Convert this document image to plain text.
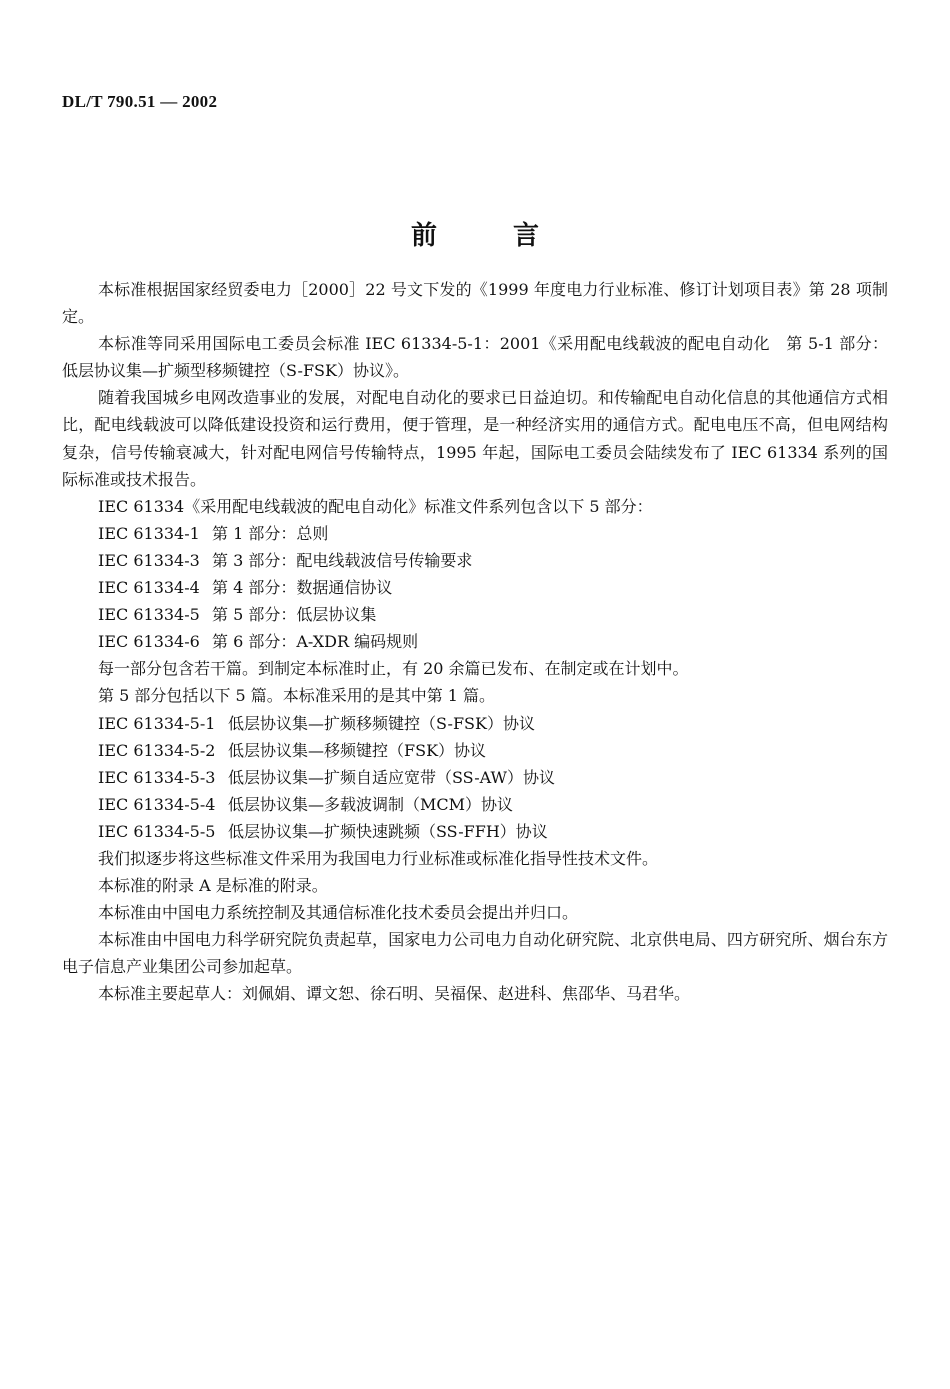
DL/T 790.51 — 2002
前	言

本标准根据国家经贸委电力［2000］22 号文下发的《1999 年度电力行业标准、修订计划项目表》第 28 项制定。

本标准等同采用国际电工委员会标准 IEC 61334-5-1：2001《采用配电线载波的配电自动化　第 5-1 部分：低层协议集—扩频型移频键控（S-FSK）协议》。

随着我国城乡电网改造事业的发展，对配电自动化的要求已日益迫切。和传输配电自动化信息的其他通信方式相比，配电线载波可以降低建设投资和运行费用，便于管理，是一种经济实用的通信方式。配电电压不高，但电网结构复杂，信号传输衰减大，针对配电网信号传输特点，1995 年起，国际电工委员会陆续发布了 IEC 61334 系列的国际标准或技术报告。

IEC 61334《采用配电线载波的配电自动化》标准文件系列包含以下 5 部分：

IEC 61334-1 第 1 部分：总则

IEC 61334-3 第 3 部分：配电线载波信号传输要求

IEC 61334-4 第 4 部分：数据通信协议

IEC 61334-5 第 5 部分：低层协议集

IEC 61334-6 第 6 部分：A-XDR 编码规则

每一部分包含若干篇。到制定本标准时止，有 20 余篇已发布、在制定或在计划中。

第 5 部分包括以下 5 篇。本标准采用的是其中第 1 篇。

IEC 61334-5-1 低层协议集—扩频移频键控（S-FSK）协议

IEC 61334-5-2 低层协议集—移频键控（FSK）协议

IEC 61334-5-3 低层协议集—扩频自适应宽带（SS-AW）协议

IEC 61334-5-4 低层协议集—多载波调制（MCM）协议

IEC 61334-5-5 低层协议集—扩频快速跳频（SS-FFH）协议

我们拟逐步将这些标准文件采用为我国电力行业标准或标准化指导性技术文件。

本标准的附录 A 是标准的附录。

本标准由中国电力系统控制及其通信标准化技术委员会提出并归口。

本标准由中国电力科学研究院负责起草，国家电力公司电力自动化研究院、北京供电局、四方研究所、烟台东方电子信息产业集团公司参加起草。

本标准主要起草人：刘佩娟、谭文恕、徐石明、吴福保、赵进科、焦邵华、马君华。
